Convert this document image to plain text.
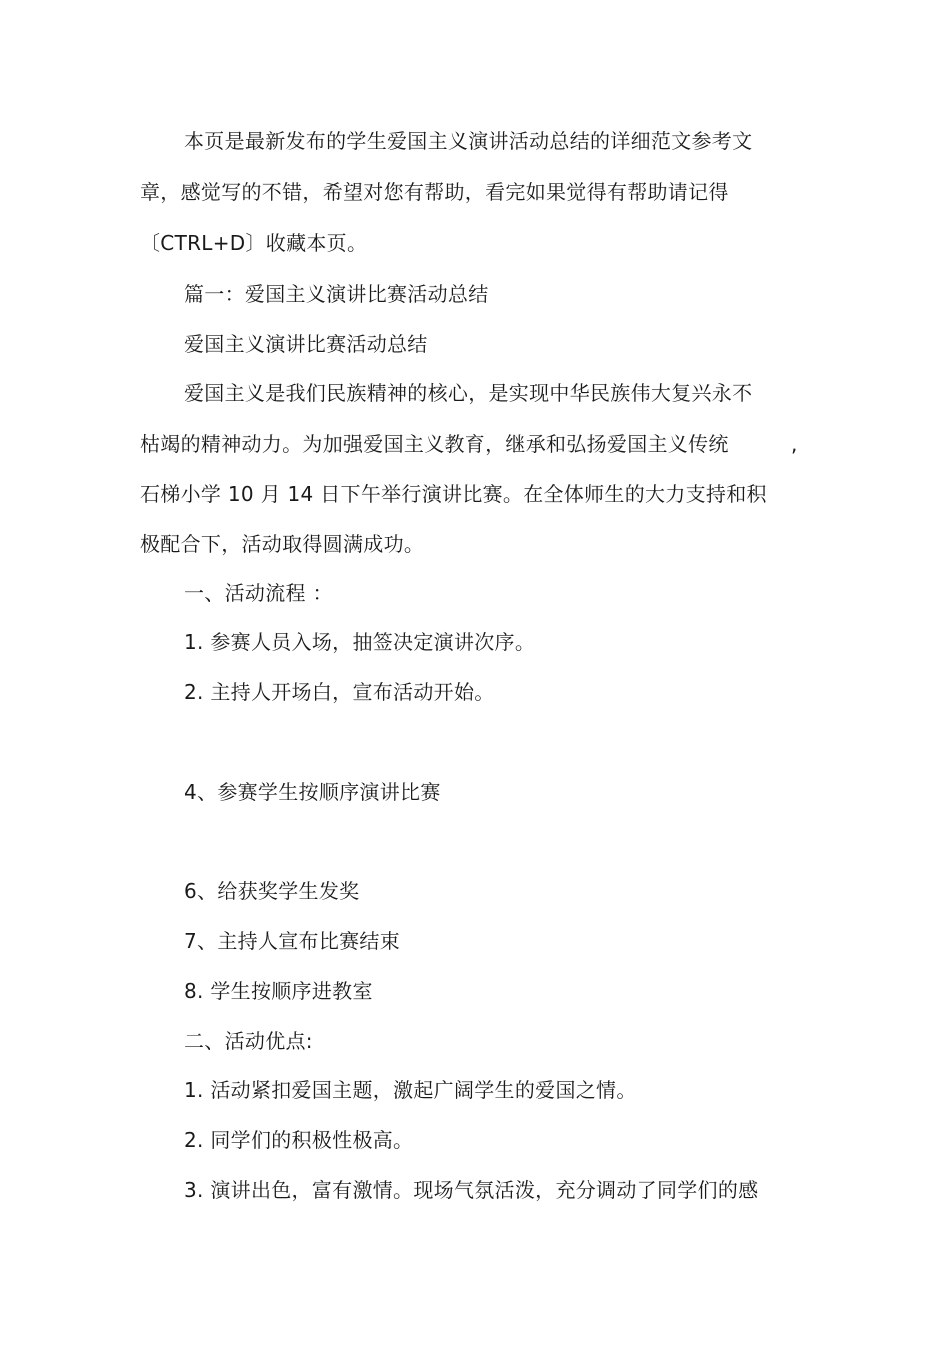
本页是最新发布的学生爱国主义演讲活动总结的详细范文参考文
章，感觉写的不错，希望对您有帮助，看完如果觉得有帮助请记得
〔CTRL+D〕收藏本页。
篇一：爱国主义演讲比赛活动总结
爱国主义演讲比赛活动总结
爱国主义是我们民族精神的核心，是实现中华民族伟大复兴永不
枯竭的精神动力。为加强爱国主义教育，继承和弘扬爱国主义传统	,
石梯小学 10 月 14 日下午举行演讲比赛。在全体师生的大力支持和积
极配合下，活动取得圆满成功。
一、活动流程 ：
1. 参赛人员入场，抽签决定演讲次序。
2. 主持人开场白，宣布活动开始。
4、参赛学生按顺序演讲比赛
6、给获奖学生发奖
7、主持人宣布比赛结束
8. 学生按顺序进教室
二、活动优点:
1. 活动紧扣爱国主题，激起广阔学生的爱国之情。
2. 同学们的积极性极高。
3. 演讲出色，富有激情。现场气氛活泼，充分调动了同学们的感
